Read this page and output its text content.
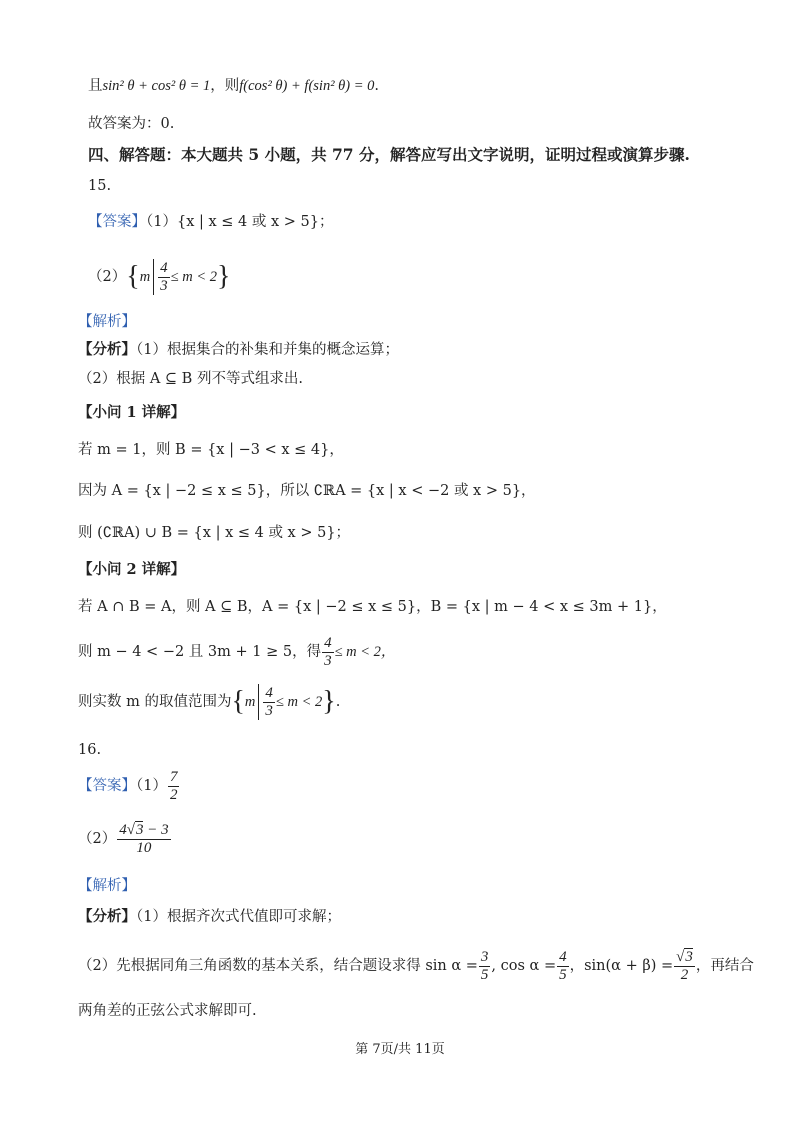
且sin² θ + cos² θ = 1，则f(cos² θ) + f(sin² θ) = 0.
故答案为：0.
四、解答题：本大题共 5 小题，共 77 分，解答应写出文字说明，证明过程或演算步骤.
15.
【答案】（1）{x | x ≤ 4 或 x > 5}；
$(2)\{m \frac{4}{3} \le m < 2\}$
【解析】
【分析】（1）根据集合的补集和并集的概念运算；
（2）根据 A ⊆ B 列不等式组求出.
【小问 1 详解】
若 m = 1，则 B = {x | −3 < x ≤ 4}，
因为 A = {x | −2 ≤ x ≤ 5}，所以 ∁ℝA = {x | x < −2 或 x > 5}，
则 (∁ℝA) ∪ B = {x | x ≤ 4 或 x > 5}；
【小问 2 详解】
若 A ∩ B = A，则 A ⊆ B，A = {x | −2 ≤ x ≤ 5}，B = {x | m − 4 < x ≤ 3m + 1}，
则 m − 4 < −2 且 3m + 1 ≥ 5，得 $\frac{4}{3} \le m < 2$，
则实数 m 的取值范围为$\{m \frac{4}{3} \le m < 2\}$.
16.
【答案】$(1) \frac{7}{2}$
$(2) \frac{4√3 - 3}{10}$
【解析】
【分析】（1）根据齐次式代值即可求解；
（2）先根据同角三角函数的基本关系，结合题设求得 $\sin \alpha = \frac{3}{5}$ , $\cos \alpha = \frac{4}{5}$ ，$\sin(\alpha + \beta) = \frac{√3}{2}$ ，再结合
两角差的正弦公式求解即可.
第 7页/共 11页
